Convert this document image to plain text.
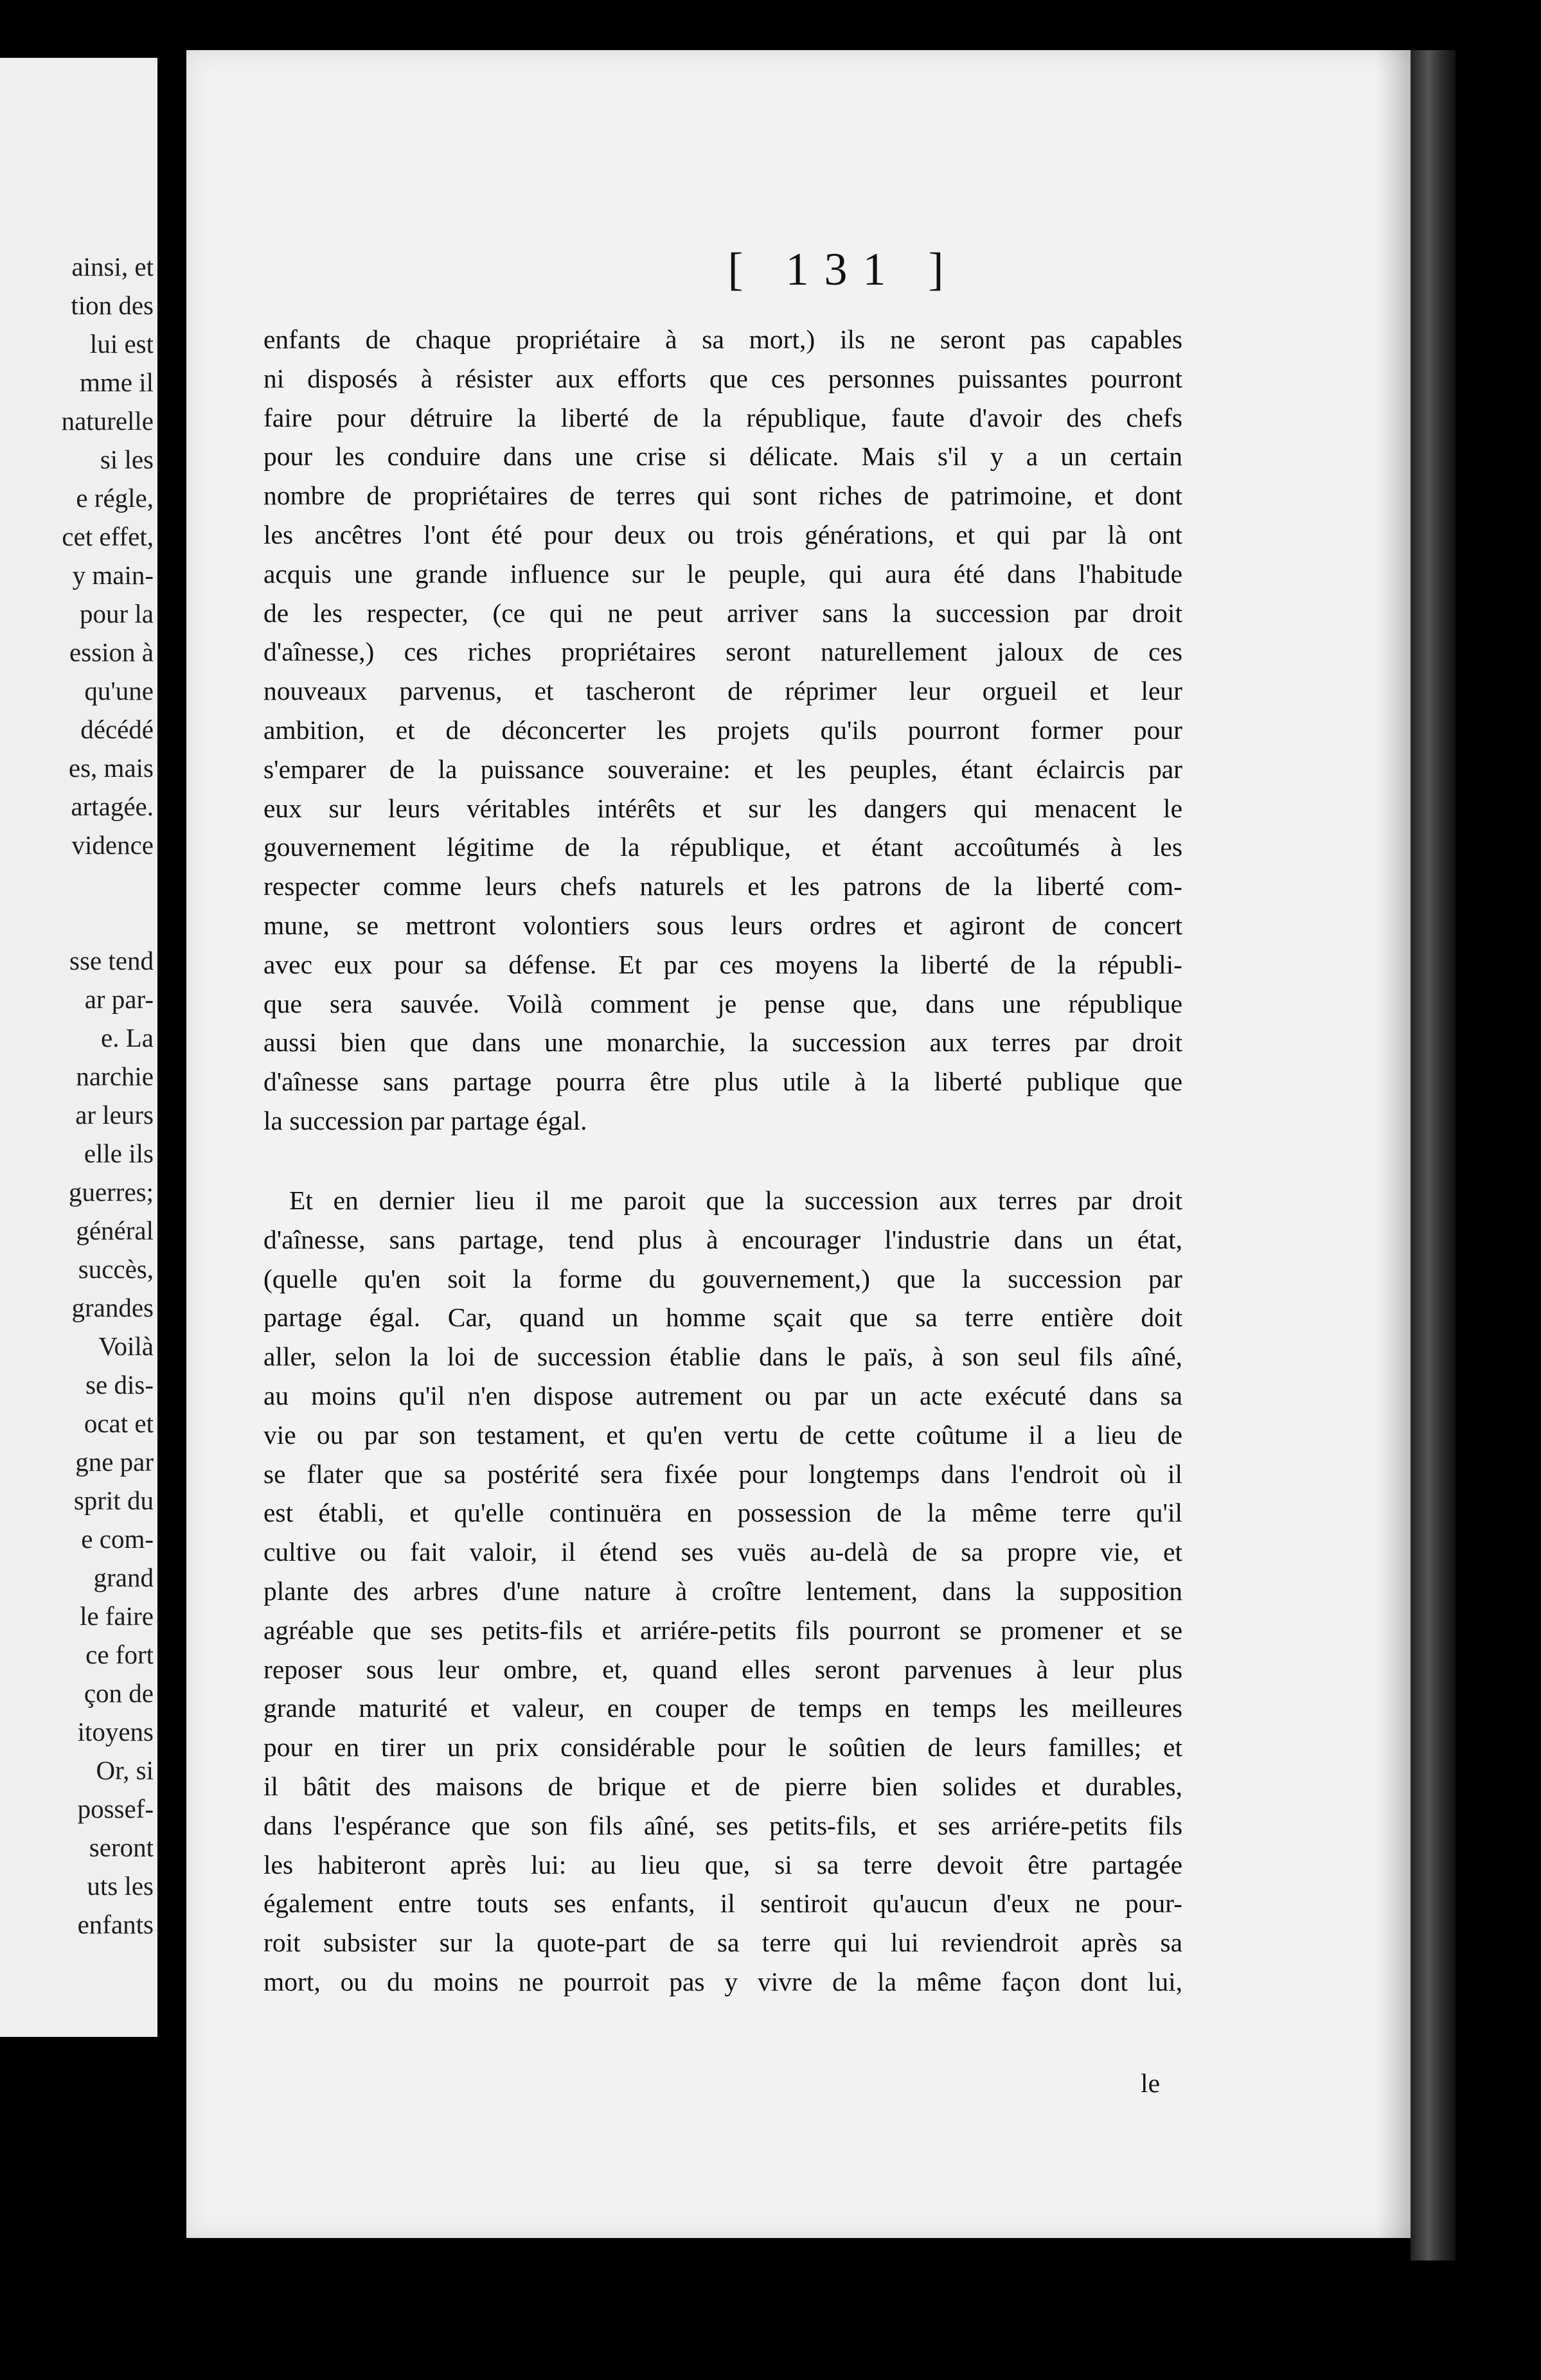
ainsi, et
tion des
lui est
mme il
naturelle
si les
e régle,
cet effet,
y main-
pour la
ession à
qu'une
décédé
es, mais
artagée.
vidence
sse tend
ar par-
e. La
narchie
ar leurs
elle ils
guerres;
général
succès,
grandes
Voilà
se dis-
ocat et
gne par
sprit du
e com-
grand
le faire
ce fort
çon de
itoyens
Or, si
possef-
seront
uts les
enfants
[ 131 ]
le
enfants de chaque propriétaire à sa mort,) ils ne seront pas capables
ni disposés à résister aux efforts que ces personnes puissantes pourront
faire pour détruire la liberté de la république, faute d'avoir des chefs
pour les conduire dans une crise si délicate. Mais s'il y a un certain
nombre de propriétaires de terres qui sont riches de patrimoine, et dont
les ancêtres l'ont été pour deux ou trois générations, et qui par là ont
acquis une grande influence sur le peuple, qui aura été dans l'habitude
de les respecter, (ce qui ne peut arriver sans la succession par droit
d'aînesse,) ces riches propriétaires seront naturellement jaloux de ces
nouveaux parvenus, et tascheront de réprimer leur orgueil et leur
ambition, et de déconcerter les projets qu'ils pourront former pour
s'emparer de la puissance souveraine: et les peuples, étant éclaircis par
eux sur leurs véritables intérêts et sur les dangers qui menacent le
gouvernement légitime de la république, et étant accoûtumés à les
respecter comme leurs chefs naturels et les patrons de la liberté com-
mune, se mettront volontiers sous leurs ordres et agiront de concert
avec eux pour sa défense. Et par ces moyens la liberté de la républi-
que sera sauvée. Voilà comment je pense que, dans une république
aussi bien que dans une monarchie, la succession aux terres par droit
d'aînesse sans partage pourra être plus utile à la liberté publique que
la succession par partage égal.
Et en dernier lieu il me paroit que la succession aux terres par droit
d'aînesse, sans partage, tend plus à encourager l'industrie dans un état,
(quelle qu'en soit la forme du gouvernement,) que la succession par
partage égal. Car, quand un homme sçait que sa terre entière doit
aller, selon la loi de succession établie dans le païs, à son seul fils aîné,
au moins qu'il n'en dispose autrement ou par un acte exécuté dans sa
vie ou par son testament, et qu'en vertu de cette coûtume il a lieu de
se flater que sa postérité sera fixée pour longtemps dans l'endroit où il
est établi, et qu'elle continuëra en possession de la même terre qu'il
cultive ou fait valoir, il étend ses vuës au-delà de sa propre vie, et
plante des arbres d'une nature à croître lentement, dans la supposition
agréable que ses petits-fils et arriére-petits fils pourront se promener et se
reposer sous leur ombre, et, quand elles seront parvenues à leur plus
grande maturité et valeur, en couper de temps en temps les meilleures
pour en tirer un prix considérable pour le soûtien de leurs familles; et
il bâtit des maisons de brique et de pierre bien solides et durables,
dans l'espérance que son fils aîné, ses petits-fils, et ses arriére-petits fils
les habiteront après lui: au lieu que, si sa terre devoit être partagée
également entre touts ses enfants, il sentiroit qu'aucun d'eux ne pour-
roit subsister sur la quote-part de sa terre qui lui reviendroit après sa
mort, ou du moins ne pourroit pas y vivre de la même façon dont lui,
